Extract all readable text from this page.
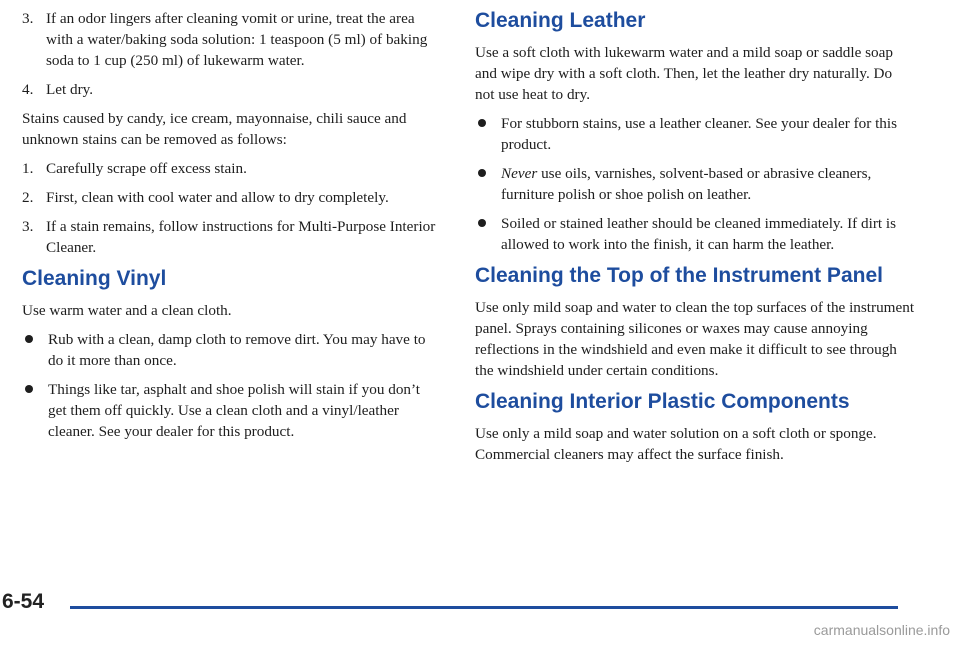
3. If an odor lingers after cleaning vomit or urine, treat the area with a water/baking soda solution: 1 teaspoon (5 ml) of baking soda to 1 cup (250 ml) of lukewarm water.
4. Let dry.

Stains caused by candy, ice cream, mayonnaise, chili sauce and unknown stains can be removed as follows:

1. Carefully scrape off excess stain.
2. First, clean with cool water and allow to dry completely.
3. If a stain remains, follow instructions for Multi-Purpose Interior Cleaner.
Cleaning Vinyl

Use warm water and a clean cloth.

Rub with a clean, damp cloth to remove dirt. You may have to do it more than once.
Things like tar, asphalt and shoe polish will stain if you don’t get them off quickly. Use a clean cloth and a vinyl/leather cleaner. See your dealer for this product.
Cleaning Leather

Use a soft cloth with lukewarm water and a mild soap or saddle soap and wipe dry with a soft cloth. Then, let the leather dry naturally. Do not use heat to dry.

For stubborn stains, use a leather cleaner. See your dealer for this product.
Never use oils, varnishes, solvent-based or abrasive cleaners, furniture polish or shoe polish on leather.
Soiled or stained leather should be cleaned immediately. If dirt is allowed to work into the finish, it can harm the leather.
Cleaning the Top of the Instrument Panel

Use only mild soap and water to clean the top surfaces of the instrument panel. Sprays containing silicones or waxes may cause annoying reflections in the windshield and even make it difficult to see through the windshield under certain conditions.

Cleaning Interior Plastic Components

Use only a mild soap and water solution on a soft cloth or sponge. Commercial cleaners may affect the surface finish.

6-54
carmanualsonline.info
